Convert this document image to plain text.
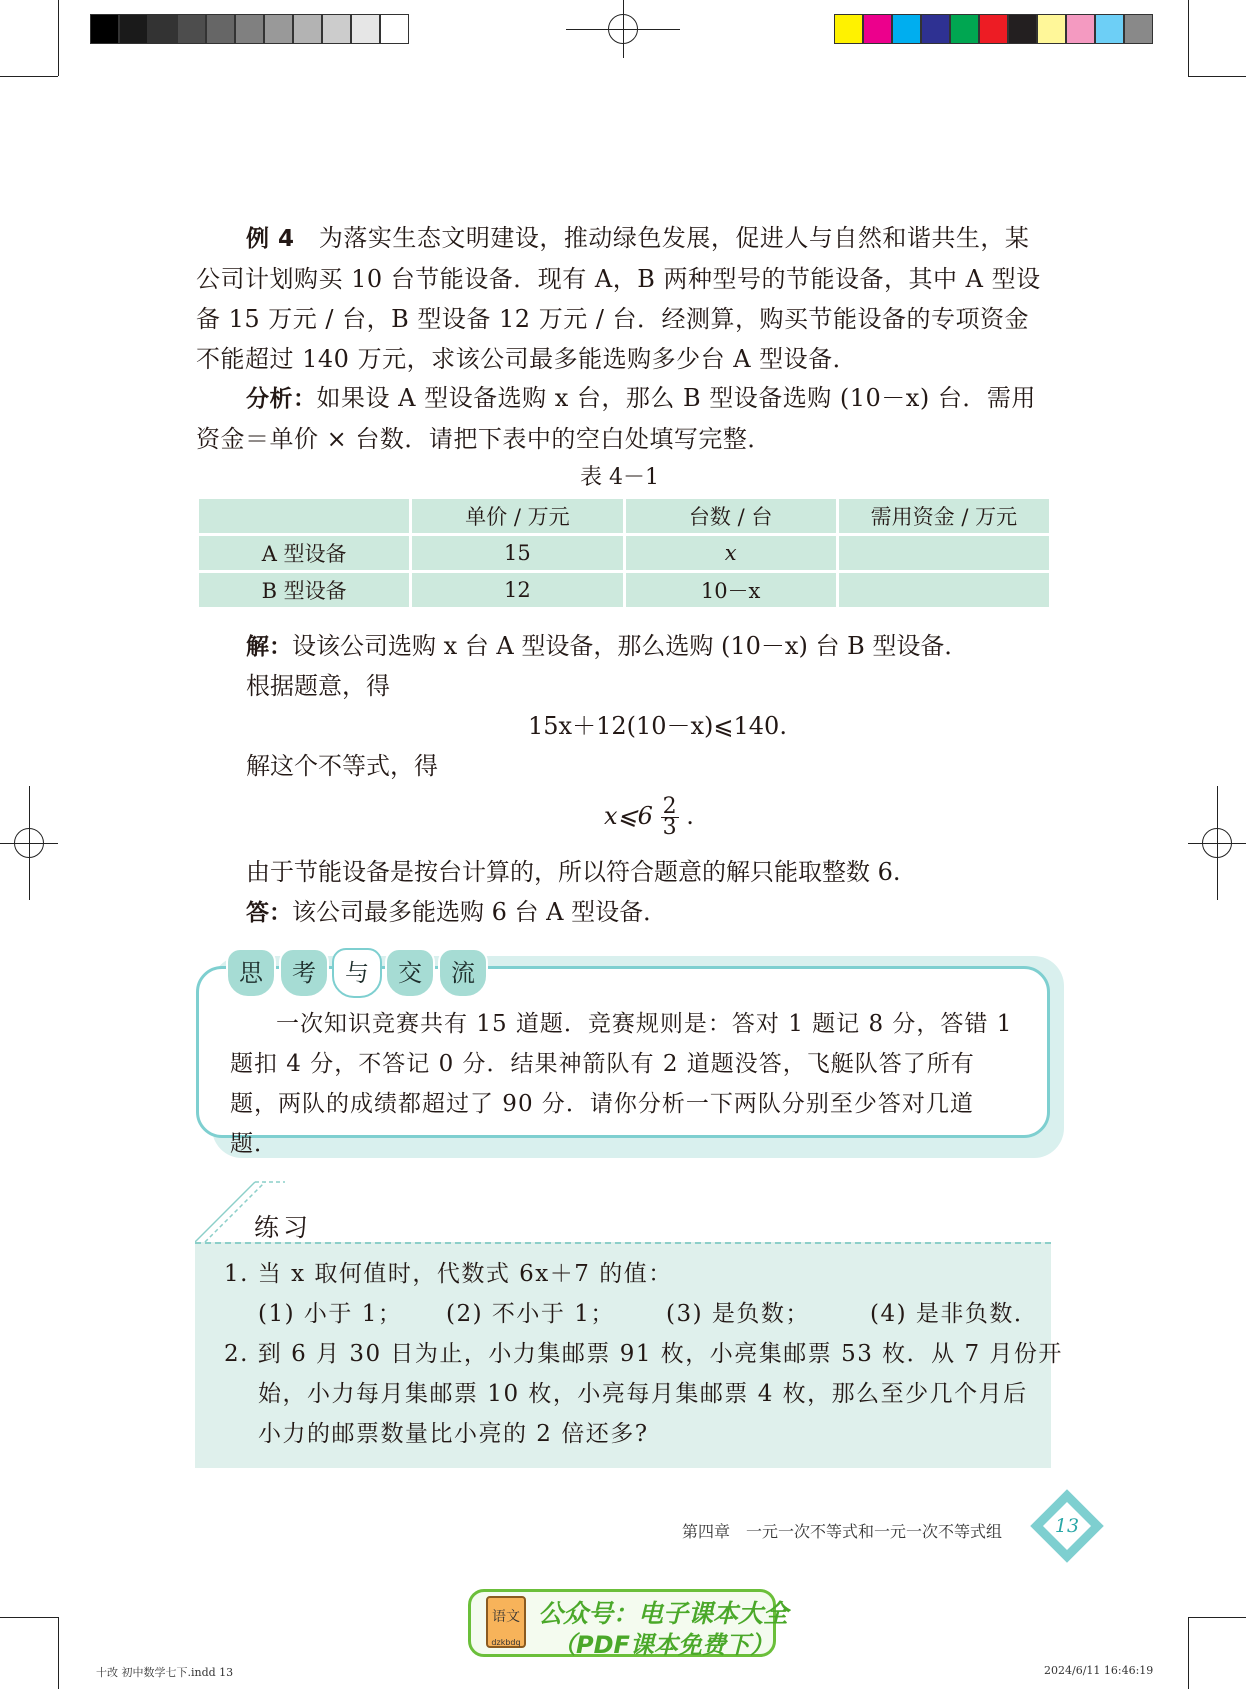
例 4 为落实生态文明建设，推动绿色发展，促进人与自然和谐共生，某公司计划购买 10 台节能设备．现有 A，B 两种型号的节能设备，其中 A 型设备 15 万元 / 台，B 型设备 12 万元 / 台．经测算，购买节能设备的专项资金不能超过 140 万元，求该公司最多能选购多少台 A 型设备．
分析：如果设 A 型设备选购 x 台，那么 B 型设备选购 (10－x) 台．需用资金＝单价 × 台数．请把下表中的空白处填写完整．
表 4－1
	单价 / 万元	台数 / 台	需用资金 / 万元
A 型设备	15	x	
B 型设备	12	10－x	
解：设该公司选购 x 台 A 型设备，那么选购 (10－x) 台 B 型设备．
根据题意，得
15x＋12(10－x)⩽140.
解这个不等式，得
x⩽6 $\frac{2}{3}$ .
由于节能设备是按台计算的，所以符合题意的解只能取整数 6.
答：该公司最多能选购 6 台 A 型设备．
思	考	与	交	流
一次知识竞赛共有 15 道题．竞赛规则是：答对 1 题记 8 分，答错 1 题扣 4 分，不答记 0 分．结果神箭队有 2 道题没答，飞艇队答了所有题，两队的成绩都超过了 90 分．请你分析一下两队分别至少答对几道题．
练习
1. 当 x 取何值时，代数式 6x＋7 的值：
(1) 小于 1； (2) 不小于 1； (3) 是负数；	(4) 是非负数．
2. 到 6 月 30 日为止，小力集邮票 91 枚，小亮集邮票 53 枚．从 7 月份开
始，小力每月集邮票 10 枚，小亮每月集邮票 4 枚，那么至少几个月后
小力的邮票数量比小亮的 2 倍还多?
第四章　一元一次不等式和一元一次不等式组	13
语文
dzkbdq
公众号：电子课本大全
（PDF课本免费下）
十改 初中数学七下.indd 13	2024/6/11 16:46:19
